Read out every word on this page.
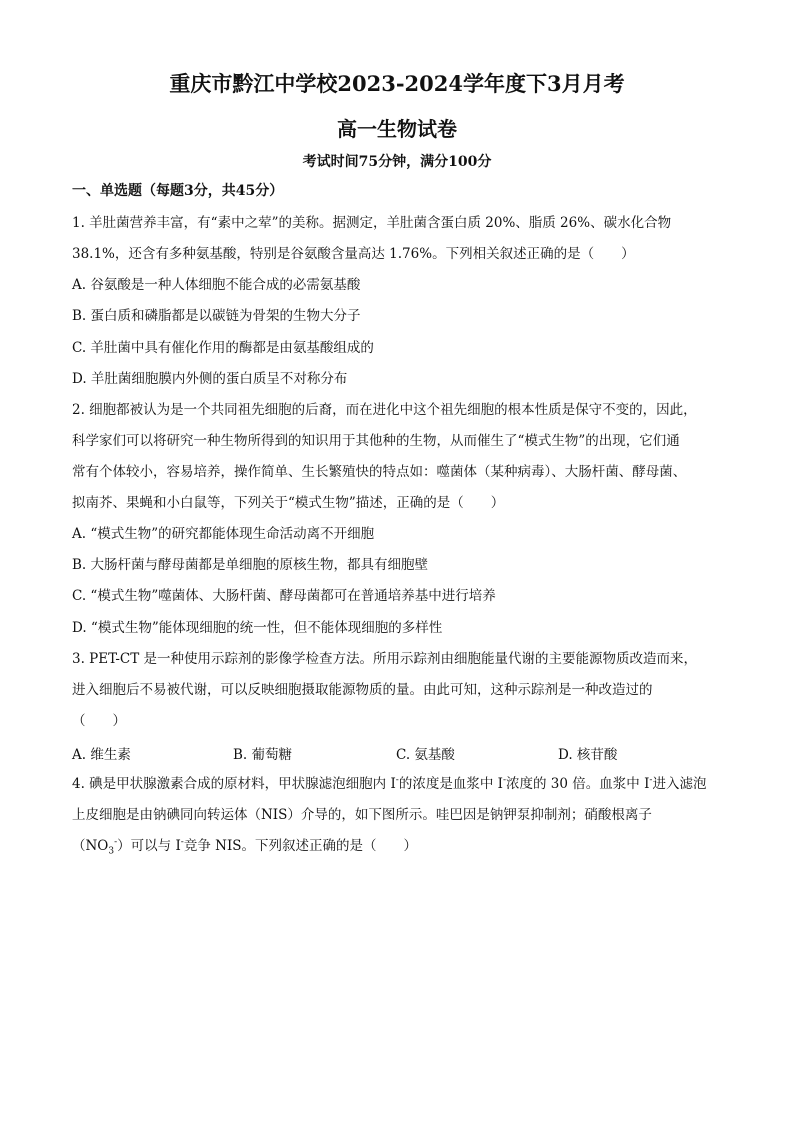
重庆市黔江中学校2023-2024学年度下3月月考
高一生物试卷
考试时间75分钟，满分100分
一、单选题（每题3分，共45分）
1. 羊肚菌营养丰富，有“素中之荤”的美称。据测定，羊肚菌含蛋白质 20%、脂质 26%、碳水化合物
38.1%，还含有多种氨基酸，特别是谷氨酸含量高达 1.76%。下列相关叙述正确的是（　　）
A. 谷氨酸是一种人体细胞不能合成的必需氨基酸
B. 蛋白质和磷脂都是以碳链为骨架的生物大分子
C. 羊肚菌中具有催化作用的酶都是由氨基酸组成的
D. 羊肚菌细胞膜内外侧的蛋白质呈不对称分布
2. 细胞都被认为是一个共同祖先细胞的后裔，而在进化中这个祖先细胞的根本性质是保守不变的，因此，
科学家们可以将研究一种生物所得到的知识用于其他种的生物，从而催生了“模式生物”的出现，它们通
常有个体较小，容易培养，操作简单、生长繁殖快的特点如：噬菌体（某种病毒）、大肠杆菌、酵母菌、
拟南芥、果蝇和小白鼠等，下列关于“模式生物”描述，正确的是（　　）
A. “模式生物”的研究都能体现生命活动离不开细胞
B. 大肠杆菌与酵母菌都是单细胞的原核生物，都具有细胞壁
C. “模式生物”噬菌体、大肠杆菌、酵母菌都可在普通培养基中进行培养
D. “模式生物”能体现细胞的统一性，但不能体现细胞的多样性
3. PET-CT 是一种使用示踪剂的影像学检查方法。所用示踪剂由细胞能量代谢的主要能源物质改造而来，
进入细胞后不易被代谢，可以反映细胞摄取能源物质的量。由此可知，这种示踪剂是一种改造过的
（　　）
A. 维生素	B. 葡萄糖	C. 氨基酸	D. 核苷酸
4. 碘是甲状腺激素合成的原材料，甲状腺滤泡细胞内 I-的浓度是血浆中 I-浓度的 30 倍。血浆中 I-进入滤泡
上皮细胞是由钠碘同向转运体（NIS）介导的，如下图所示。哇巴因是钠钾泵抑制剂；硝酸根离子
$(NO_3^-)$可以与 I-竞争 NIS。下列叙述正确的是（　　）
